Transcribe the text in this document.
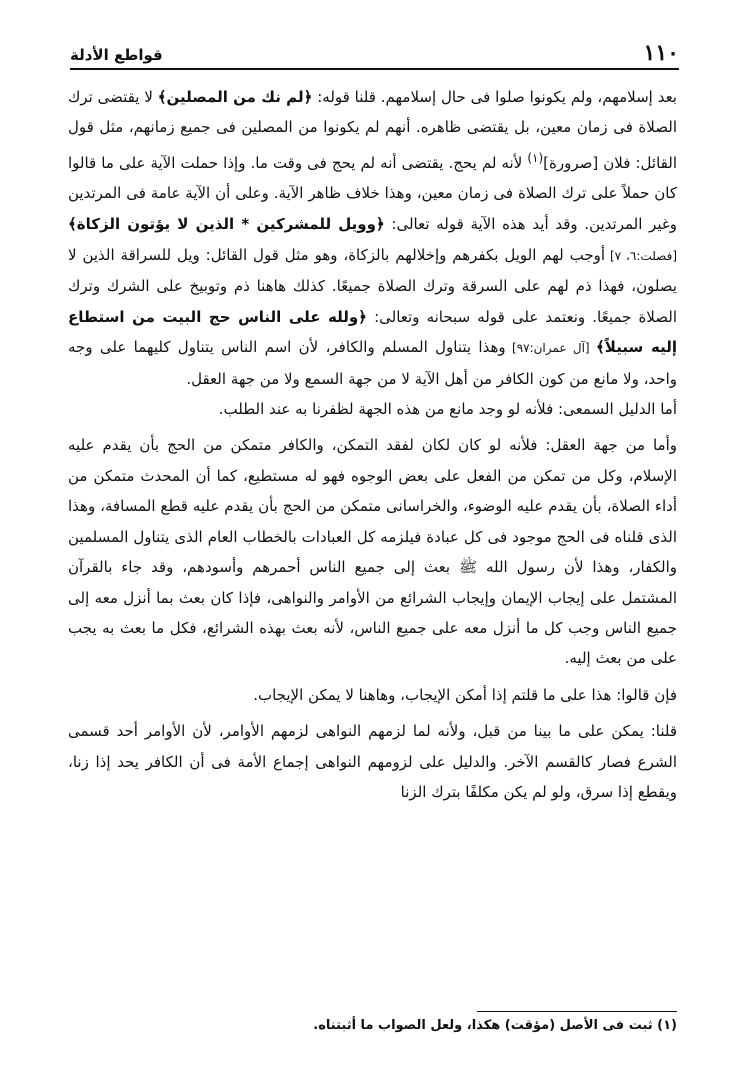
١١٠
قواطع الأدلة

بعد إسلامهم، ولم يكونوا صلوا فى حال إسلامهم. قلنا قوله: ﴿لم نك من المصلين﴾ لا يقتضى ترك الصلاة فى زمان معين، بل يقتضى ظاهره. أنهم لم يكونوا من المصلين فى جميع زمانهم، مثل قول القائل: فلان [صرورة]$^{(١)}$ لأنه لم يحج. يقتضى أنه لم يحج فى وقت ما. وإذا حملت الآية على ما قالوا كان حملاً على ترك الصلاة فى زمان معين، وهذا خلاف ظاهر الآية. وعلى أن الآية عامة فى المرتدين وغير المرتدين. وقد أيد هذه الآية قوله تعالى: ﴿وويل للمشركين * الذين لا يؤتون الزكاة﴾ [فصلت:٦، ٧] أوجب لهم الويل بكفرهم وإخلالهم بالزكاة، وهو مثل قول القائل: ويل للسراقة الذين لا يصلون، فهذا ذم لهم على السرقة وترك الصلاة جميعًا. كذلك هاهنا ذم وتوبيخ على الشرك وترك الصلاة جميعًا. ونعتمد على قوله سبحانه وتعالى: ﴿ولله على الناس حج البيت من استطاع إليه سبيلاً﴾ [آل عمران:٩٧] وهذا يتناول المسلم والكافر، لأن اسم الناس يتناول كليهما على وجه واحد، ولا مانع من كون الكافر من أهل الآية لا من جهة السمع ولا من جهة العقل.

أما الدليل السمعى: فلأنه لو وجد مانع من هذه الجهة لظفرنا به عند الطلب.

وأما من جهة العقل: فلأنه لو كان لكان لفقد التمكن، والكافر متمكن من الحج بأن يقدم عليه الإسلام، وكل من تمكن من الفعل على بعض الوجوه فهو له مستطيع، كما أن المحدث متمكن من أداء الصلاة، بأن يقدم عليه الوضوء، والخراسانى متمكن من الحج بأن يقدم عليه قطع المسافة، وهذا الذى قلناه فى الحج موجود فى كل عبادة فيلزمه كل العبادات بالخطاب العام الذى يتناول المسلمين والكفار، وهذا لأن رسول الله ﷺ بعث إلى جميع الناس أحمرهم وأسودهم، وقد جاء بالقرآن المشتمل على إيجاب الإيمان وإيجاب الشرائع من الأوامر والنواهى، فإذا كان بعث بما أنزل معه إلى جميع الناس وجب كل ما أنزل معه على جميع الناس، لأنه بعث بهذه الشرائع، فكل ما بعث به يجب على من بعث إليه.

فإن قالوا: هذا على ما قلتم إذا أمكن الإيجاب، وهاهنا لا يمكن الإيجاب.

قلنا: يمكن على ما بينا من قبل، ولأنه لما لزمهم النواهى لزمهم الأوامر، لأن الأوامر أحد قسمى الشرع فصار كالقسم الآخر. والدليل على لزومهم النواهى إجماع الأمة فى أن الكافر يحد إذا زنا، ويقطع إذا سرق، ولو لم يكن مكلفًا بترك الزنا

(١) ثبت فى الأصل (مؤقت) هكذا، ولعل الصواب ما أثبتناه.
